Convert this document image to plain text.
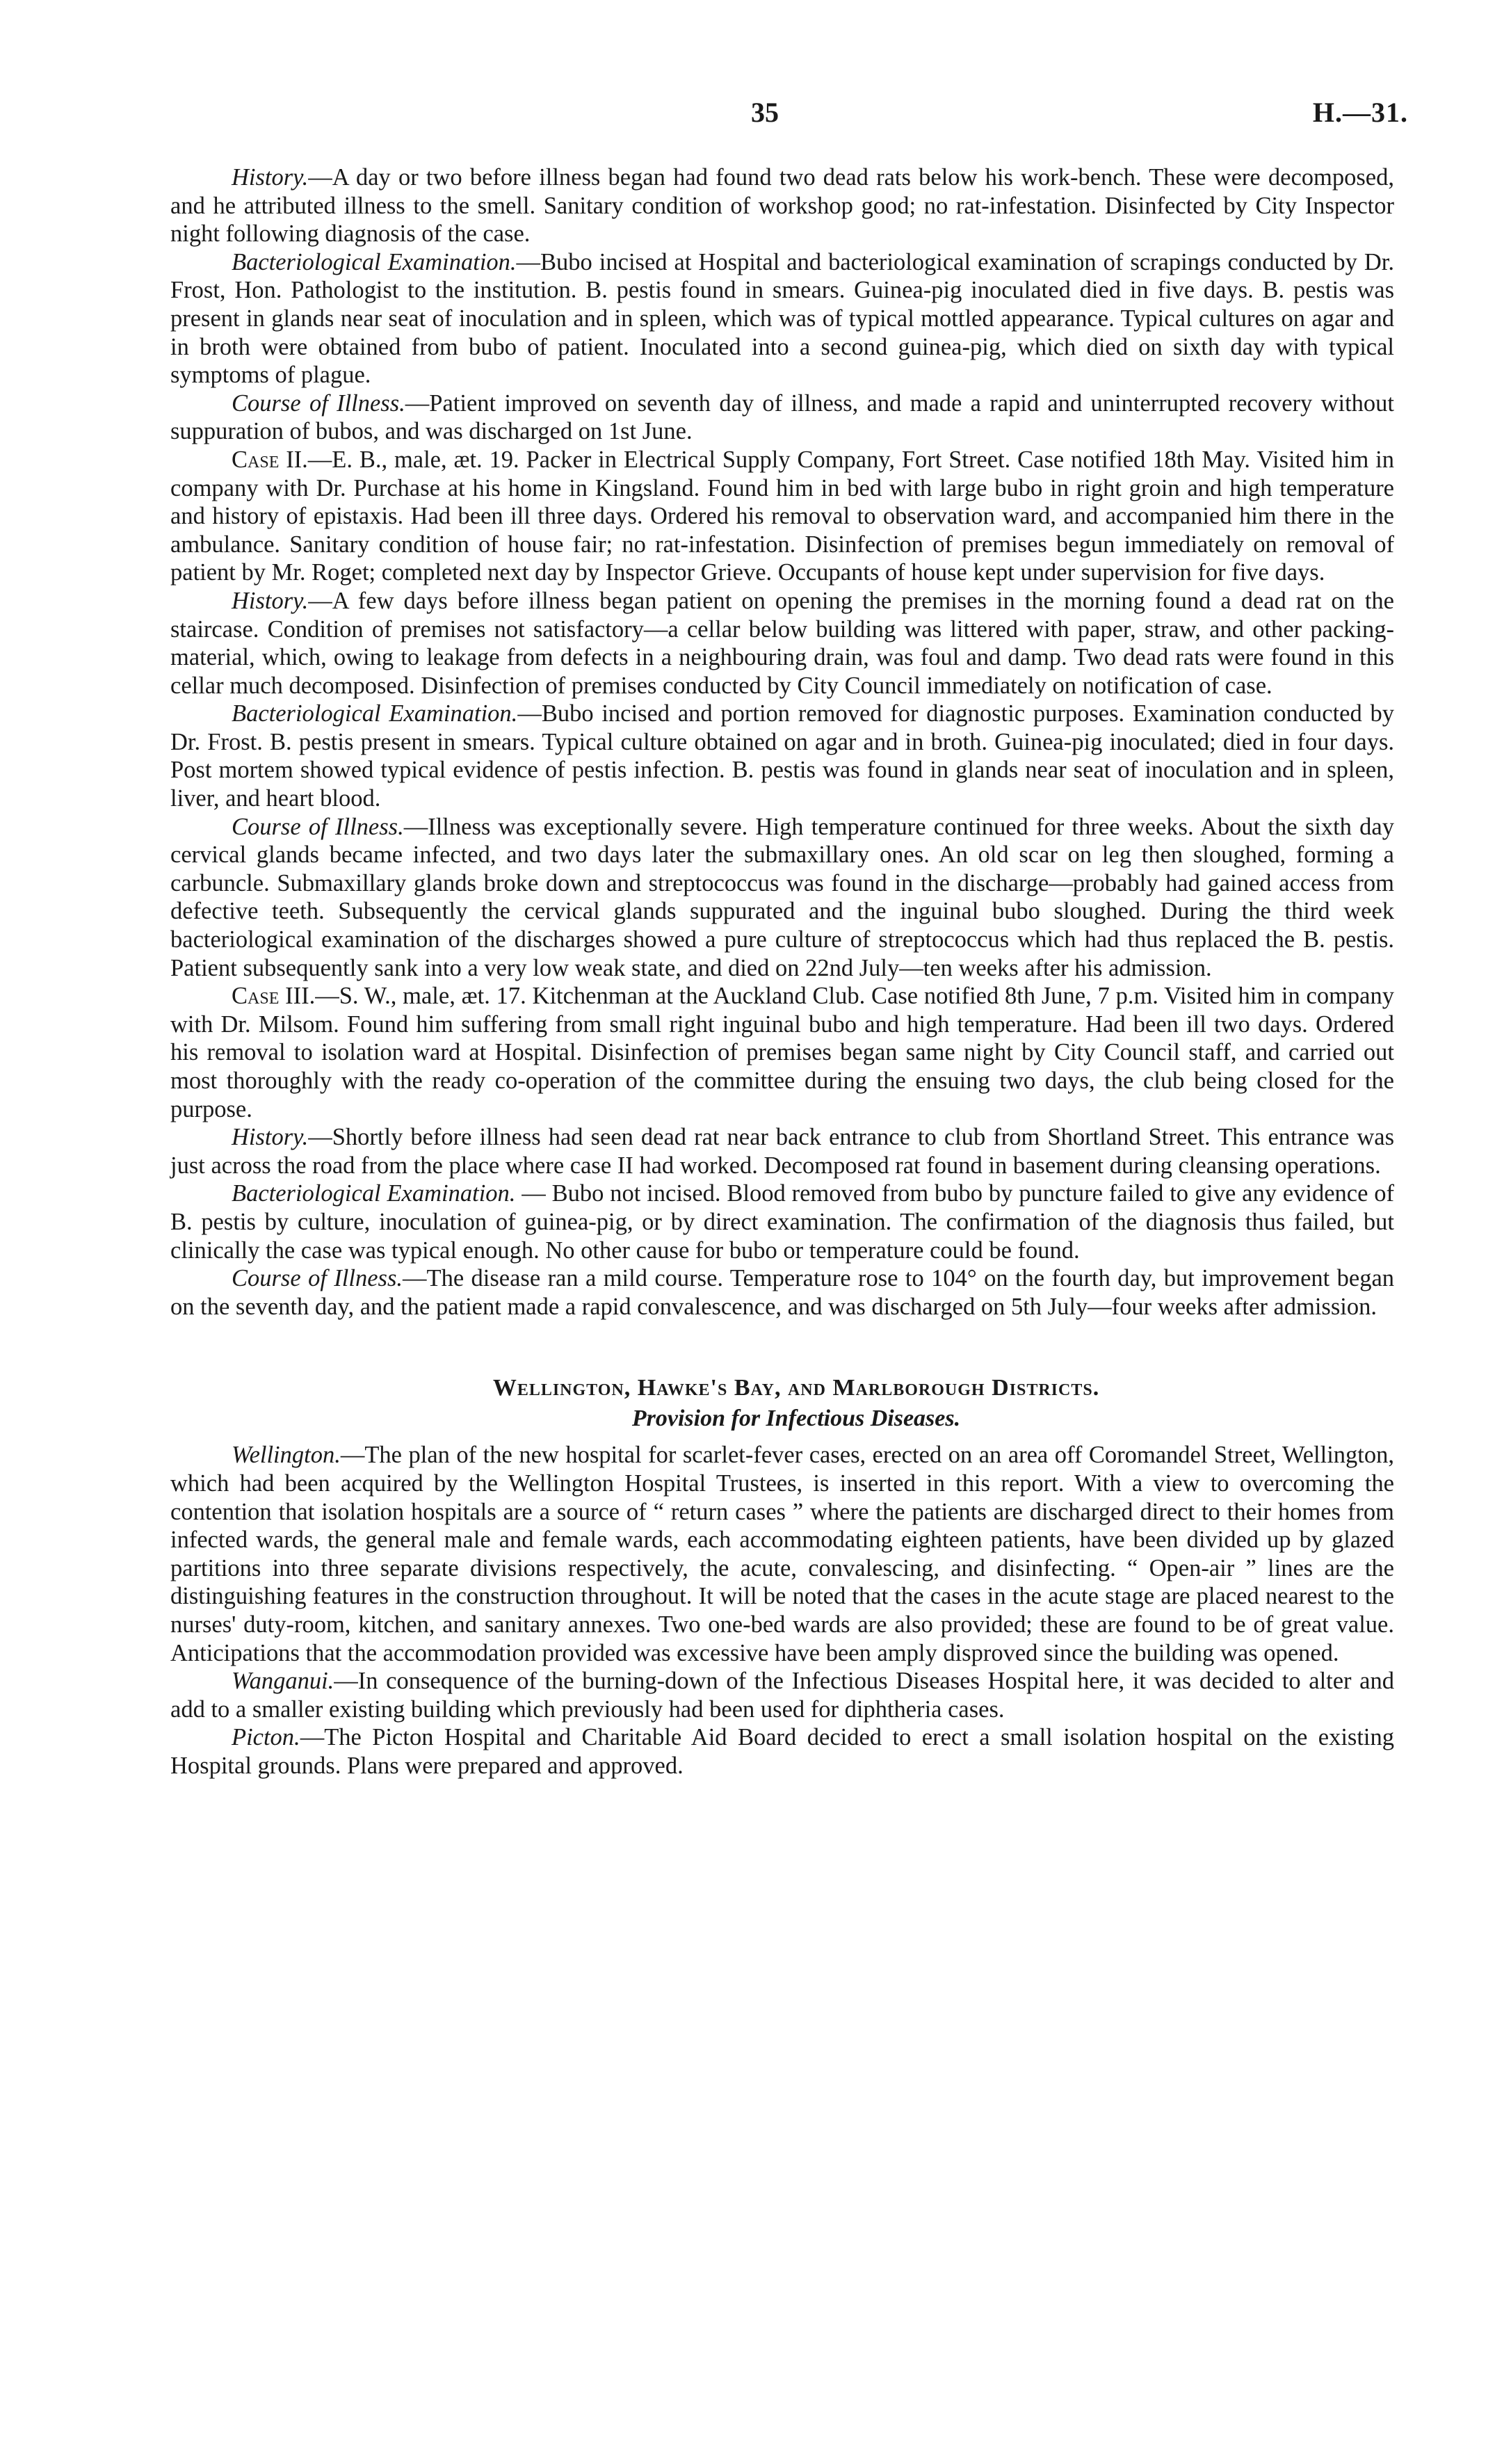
35	H.—31.

History.—A day or two before illness began had found two dead rats below his work-bench. These were decomposed, and he attributed illness to the smell. Sanitary condition of workshop good; no rat-infestation. Disinfected by City Inspector night following diagnosis of the case.

Bacteriological Examination.—Bubo incised at Hospital and bacteriological examination of scrapings conducted by Dr. Frost, Hon. Pathologist to the institution. B. pestis found in smears. Guinea-pig inoculated died in five days. B. pestis was present in glands near seat of inoculation and in spleen, which was of typical mottled appearance. Typical cultures on agar and in broth were obtained from bubo of patient. Inoculated into a second guinea-pig, which died on sixth day with typical symptoms of plague.

Course of Illness.—Patient improved on seventh day of illness, and made a rapid and uninterrupted recovery without suppuration of bubos, and was discharged on 1st June.

Case II.—E. B., male, æt. 19. Packer in Electrical Supply Company, Fort Street. Case notified 18th May. Visited him in company with Dr. Purchase at his home in Kingsland. Found him in bed with large bubo in right groin and high temperature and history of epistaxis. Had been ill three days. Ordered his removal to observation ward, and accompanied him there in the ambulance. Sanitary condition of house fair; no rat-infestation. Disinfection of premises begun immediately on removal of patient by Mr. Roget; completed next day by Inspector Grieve. Occupants of house kept under supervision for five days.

History.—A few days before illness began patient on opening the premises in the morning found a dead rat on the staircase. Condition of premises not satisfactory—a cellar below building was littered with paper, straw, and other packing-material, which, owing to leakage from defects in a neighbouring drain, was foul and damp. Two dead rats were found in this cellar much decomposed. Disinfection of premises conducted by City Council immediately on notification of case.

Bacteriological Examination.—Bubo incised and portion removed for diagnostic purposes. Examination conducted by Dr. Frost. B. pestis present in smears. Typical culture obtained on agar and in broth. Guinea-pig inoculated; died in four days. Post mortem showed typical evidence of pestis infection. B. pestis was found in glands near seat of inoculation and in spleen, liver, and heart blood.

Course of Illness.—Illness was exceptionally severe. High temperature continued for three weeks. About the sixth day cervical glands became infected, and two days later the submaxillary ones. An old scar on leg then sloughed, forming a carbuncle. Submaxillary glands broke down and streptococcus was found in the discharge—probably had gained access from defective teeth. Subsequently the cervical glands suppurated and the inguinal bubo sloughed. During the third week bacteriological examination of the discharges showed a pure culture of streptococcus which had thus replaced the B. pestis. Patient subsequently sank into a very low weak state, and died on 22nd July—ten weeks after his admission.

Case III.—S. W., male, æt. 17. Kitchenman at the Auckland Club. Case notified 8th June, 7 p.m. Visited him in company with Dr. Milsom. Found him suffering from small right inguinal bubo and high temperature. Had been ill two days. Ordered his removal to isolation ward at Hospital. Disinfection of premises began same night by City Council staff, and carried out most thoroughly with the ready co-operation of the committee during the ensuing two days, the club being closed for the purpose.

History.—Shortly before illness had seen dead rat near back entrance to club from Shortland Street. This entrance was just across the road from the place where case II had worked. Decomposed rat found in basement during cleansing operations.

Bacteriological Examination. — Bubo not incised. Blood removed from bubo by puncture failed to give any evidence of B. pestis by culture, inoculation of guinea-pig, or by direct examination. The confirmation of the diagnosis thus failed, but clinically the case was typical enough. No other cause for bubo or temperature could be found.

Course of Illness.—The disease ran a mild course. Temperature rose to 104° on the fourth day, but improvement began on the seventh day, and the patient made a rapid convalescence, and was discharged on 5th July—four weeks after admission.

Wellington, Hawke's Bay, and Marlborough Districts.
Provision for Infectious Diseases.

Wellington.—The plan of the new hospital for scarlet-fever cases, erected on an area off Coromandel Street, Wellington, which had been acquired by the Wellington Hospital Trustees, is inserted in this report. With a view to overcoming the contention that isolation hospitals are a source of “ return cases ” where the patients are discharged direct to their homes from infected wards, the general male and female wards, each accommodating eighteen patients, have been divided up by glazed partitions into three separate divisions respectively, the acute, convalescing, and disinfecting. “ Open-air ” lines are the distinguishing features in the construction throughout. It will be noted that the cases in the acute stage are placed nearest to the nurses' duty-room, kitchen, and sanitary annexes. Two one-bed wards are also provided; these are found to be of great value. Anticipations that the accommodation provided was excessive have been amply disproved since the building was opened.

Wanganui.—In consequence of the burning-down of the Infectious Diseases Hospital here, it was decided to alter and add to a smaller existing building which previously had been used for diphtheria cases.

Picton.—The Picton Hospital and Charitable Aid Board decided to erect a small isolation hospital on the existing Hospital grounds. Plans were prepared and approved.
